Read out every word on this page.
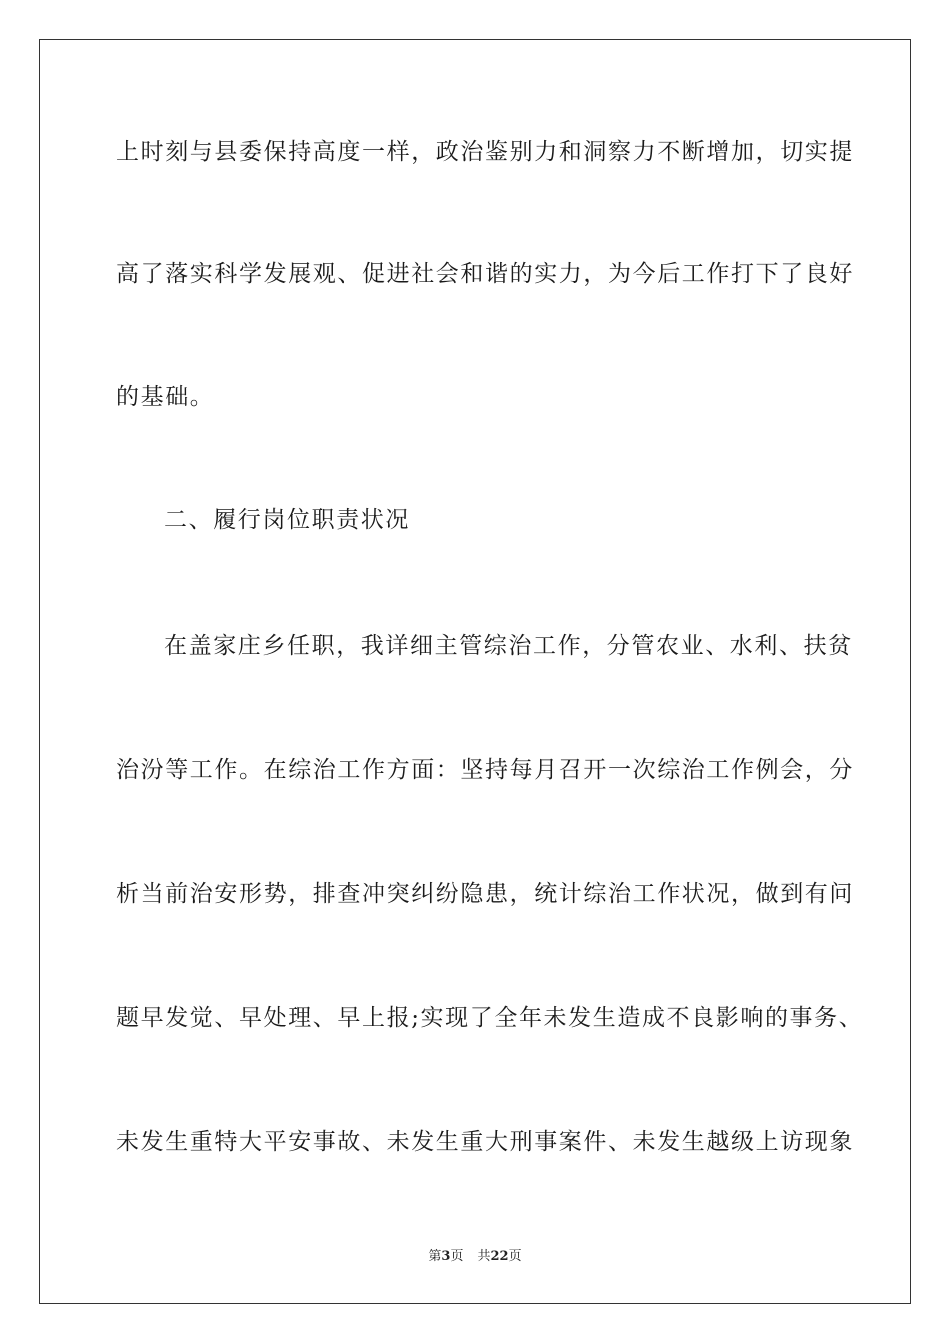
上时刻与县委保持高度一样，政治鉴别力和洞察力不断增加，切实提
高了落实科学发展观、促进社会和谐的实力，为今后工作打下了良好
的基础。
二、履行岗位职责状况
在盖家庄乡任职，我详细主管综治工作，分管农业、水利、扶贫
治汾等工作。在综治工作方面：坚持每月召开一次综治工作例会，分
析当前治安形势，排查冲突纠纷隐患，统计综治工作状况，做到有问
题早发觉、早处理、早上报;实现了全年未发生造成不良影响的事务、
未发生重特大平安事故、未发生重大刑事案件、未发生越级上访现象
第3页 共22页
